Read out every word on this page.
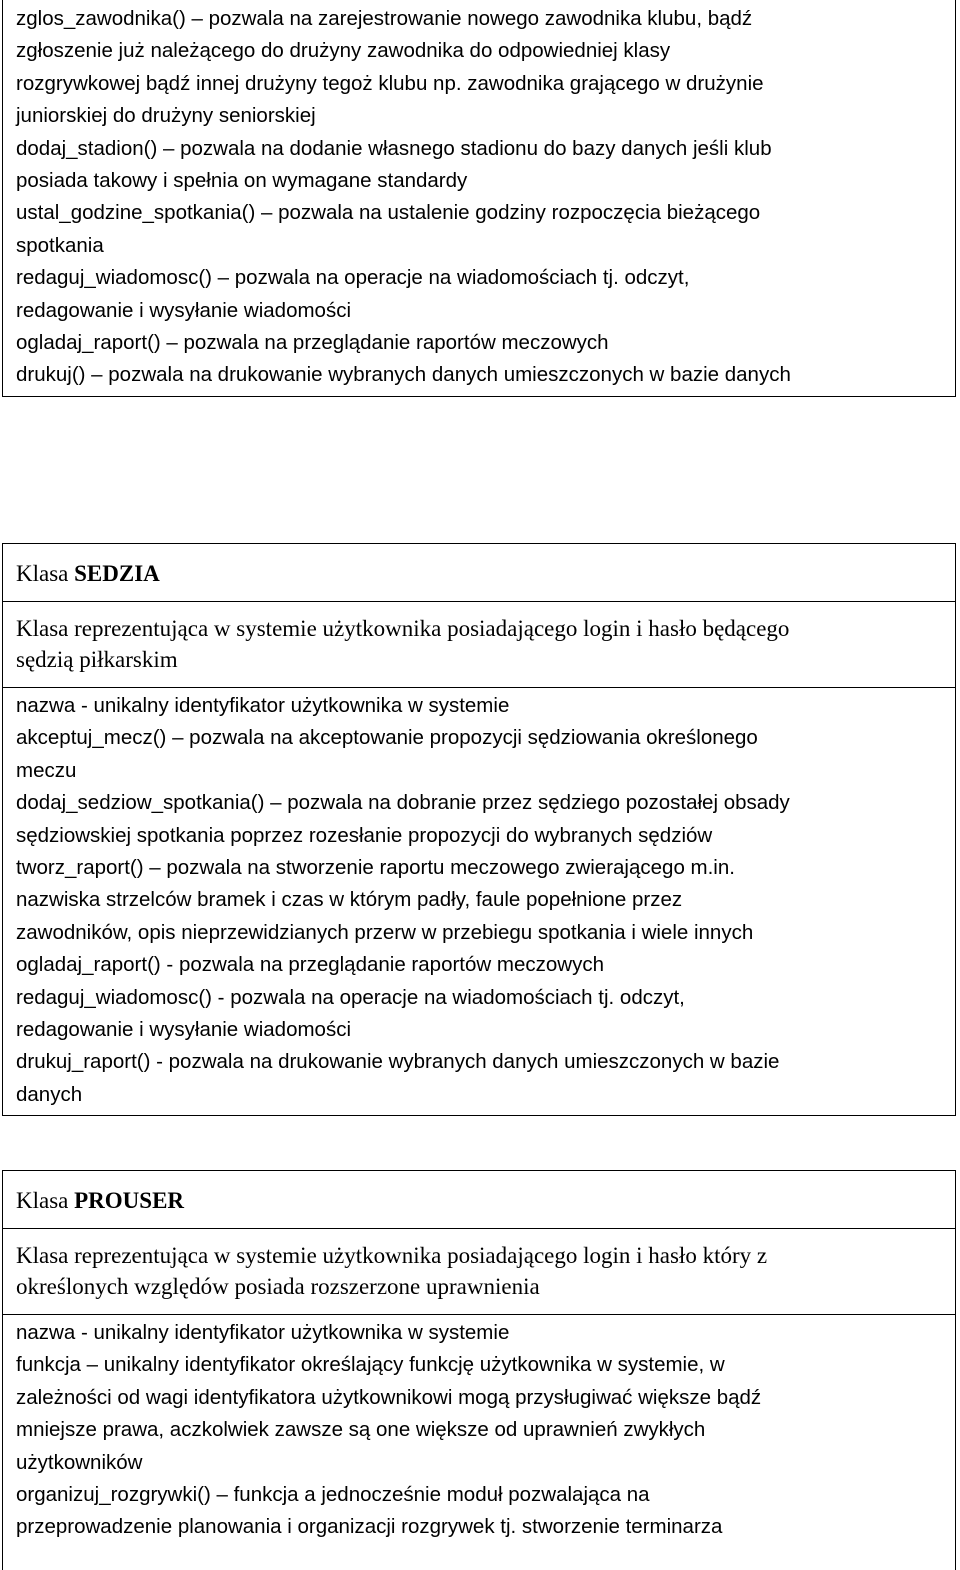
zglos_zawodnika() – pozwala na zarejestrowanie nowego zawodnika klubu, bądź
zgłoszenie już należącego do drużyny zawodnika do odpowiedniej klasy
rozgrywkowej bądź innej drużyny tegoż klubu np. zawodnika grającego w drużynie
juniorskiej do drużyny seniorskiej
dodaj_stadion() – pozwala na dodanie własnego stadionu do bazy danych jeśli klub
posiada takowy i spełnia on wymagane standardy
ustal_godzine_spotkania() – pozwala na ustalenie godziny rozpoczęcia bieżącego
spotkania
redaguj_wiadomosc() – pozwala na operacje na wiadomościach tj. odczyt,
redagowanie i wysyłanie wiadomości
ogladaj_raport() – pozwala na przeglądanie raportów meczowych
drukuj() – pozwala na drukowanie wybranych danych umieszczonych w bazie danych
Klasa SEDZIA
Klasa reprezentująca w systemie użytkownika posiadającego login i hasło będącego
sędzią piłkarskim
nazwa - unikalny identyfikator użytkownika w systemie
akceptuj_mecz() – pozwala na akceptowanie propozycji sędziowania określonego
meczu
dodaj_sedziow_spotkania() – pozwala na dobranie przez sędziego pozostałej obsady
sędziowskiej spotkania poprzez rozesłanie propozycji do wybranych sędziów
tworz_raport() – pozwala na stworzenie raportu meczowego zwierającego m.in.
nazwiska strzelców bramek i czas w którym padły, faule popełnione przez
zawodników, opis nieprzewidzianych przerw w przebiegu spotkania i wiele innych
ogladaj_raport() - pozwala na przeglądanie raportów meczowych
redaguj_wiadomosc() - pozwala na operacje na wiadomościach tj. odczyt,
redagowanie i wysyłanie wiadomości
drukuj_raport() - pozwala na drukowanie wybranych danych umieszczonych w bazie
danych
Klasa PROUSER
Klasa reprezentująca w systemie użytkownika posiadającego login i hasło który z
określonych względów posiada rozszerzone uprawnienia
nazwa - unikalny identyfikator użytkownika w systemie
funkcja – unikalny identyfikator określający funkcję użytkownika w systemie, w
zależności od wagi identyfikatora użytkownikowi mogą przysługiwać większe bądź
mniejsze prawa, aczkolwiek zawsze są one większe od uprawnień zwykłych
użytkowników
organizuj_rozgrywki() – funkcja a jednocześnie moduł pozwalająca na
przeprowadzenie planowania i organizacji rozgrywek tj. stworzenie terminarza
